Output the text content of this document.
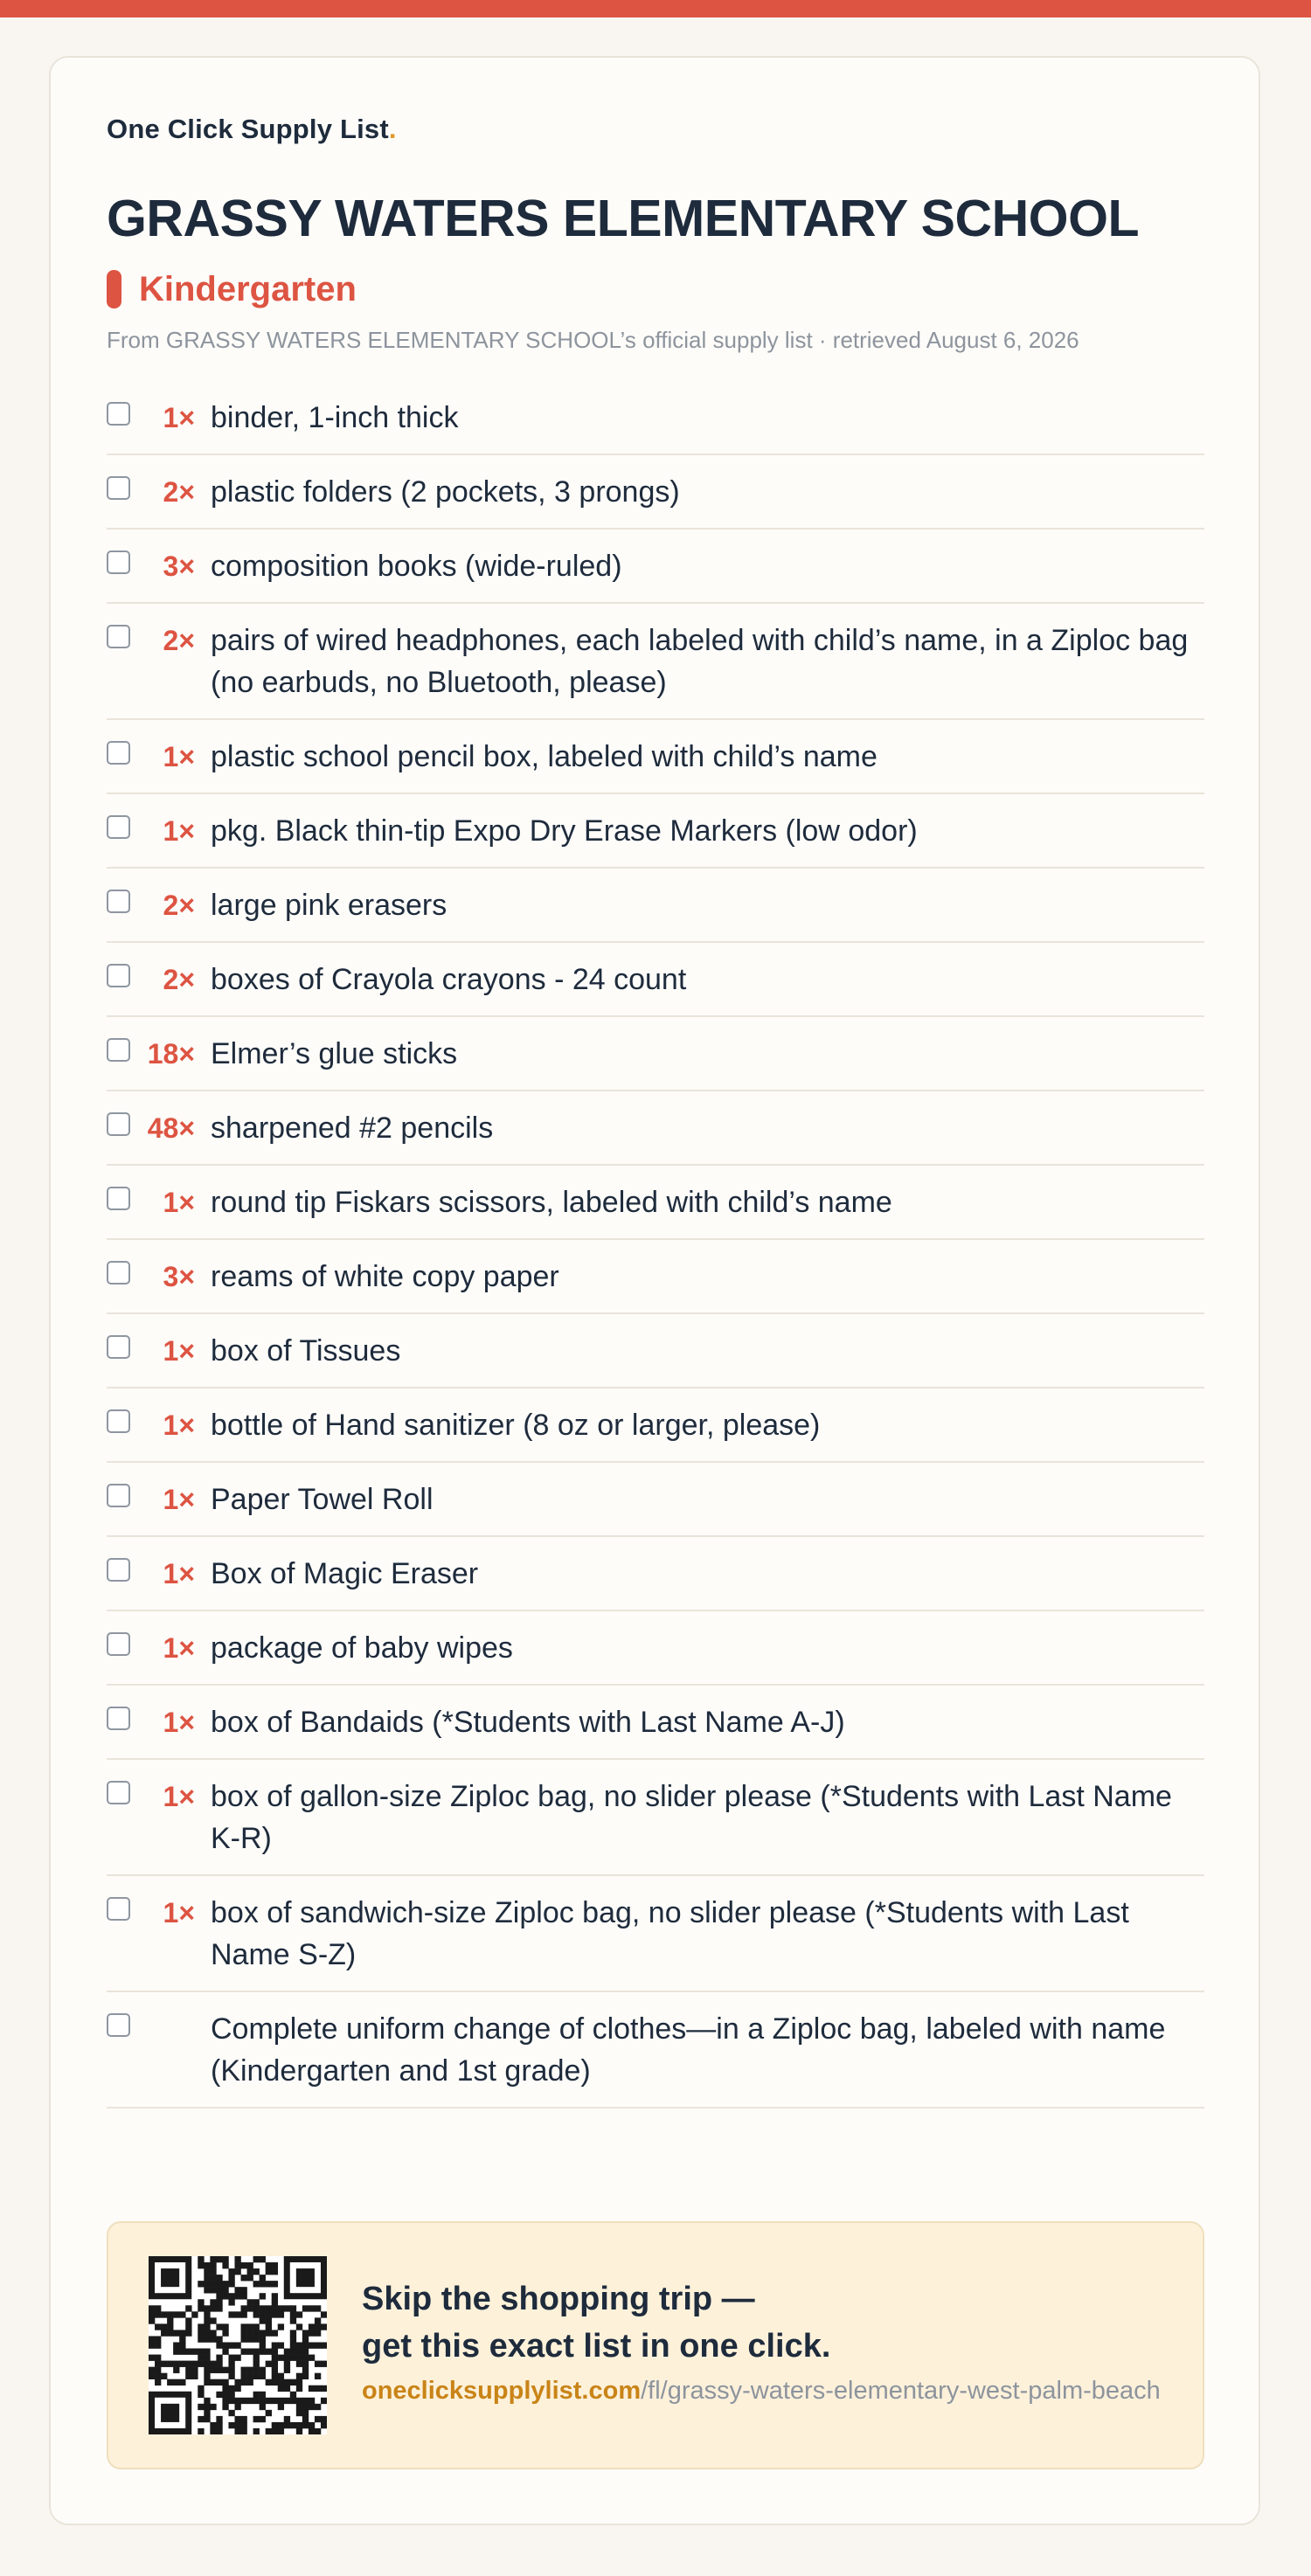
One Click Supply List.
GRASSY WATERS ELEMENTARY SCHOOL
Kindergarten
From GRASSY WATERS ELEMENTARY SCHOOL’s official supply list · retrieved August 6, 2026
1× binder, 1-inch thick
2× plastic folders (2 pockets, 3 prongs)
3× composition books (wide-ruled)
2× pairs of wired headphones, each labeled with child’s name, in a Ziploc bag (no earbuds, no Bluetooth, please)
1× plastic school pencil box, labeled with child’s name
1× pkg. Black thin-tip Expo Dry Erase Markers (low odor)
2× large pink erasers
2× boxes of Crayola crayons - 24 count
18× Elmer’s glue sticks
48× sharpened #2 pencils
1× round tip Fiskars scissors, labeled with child’s name
3× reams of white copy paper
1× box of Tissues
1× bottle of Hand sanitizer (8 oz or larger, please)
1× Paper Towel Roll
1× Box of Magic Eraser
1× package of baby wipes
1× box of Bandaids (*Students with Last Name A-J)
1× box of gallon-size Ziploc bag, no slider please (*Students with Last Name K-R)
1× box of sandwich-size Ziploc bag, no slider please (*Students with Last Name S-Z)
Complete uniform change of clothes—in a Ziploc bag, labeled with name (Kindergarten and 1st grade)
Skip the shopping trip —
get this exact list in one click.
oneclicksupplylist.com/fl/grassy-waters-elementary-west-palm-beach
